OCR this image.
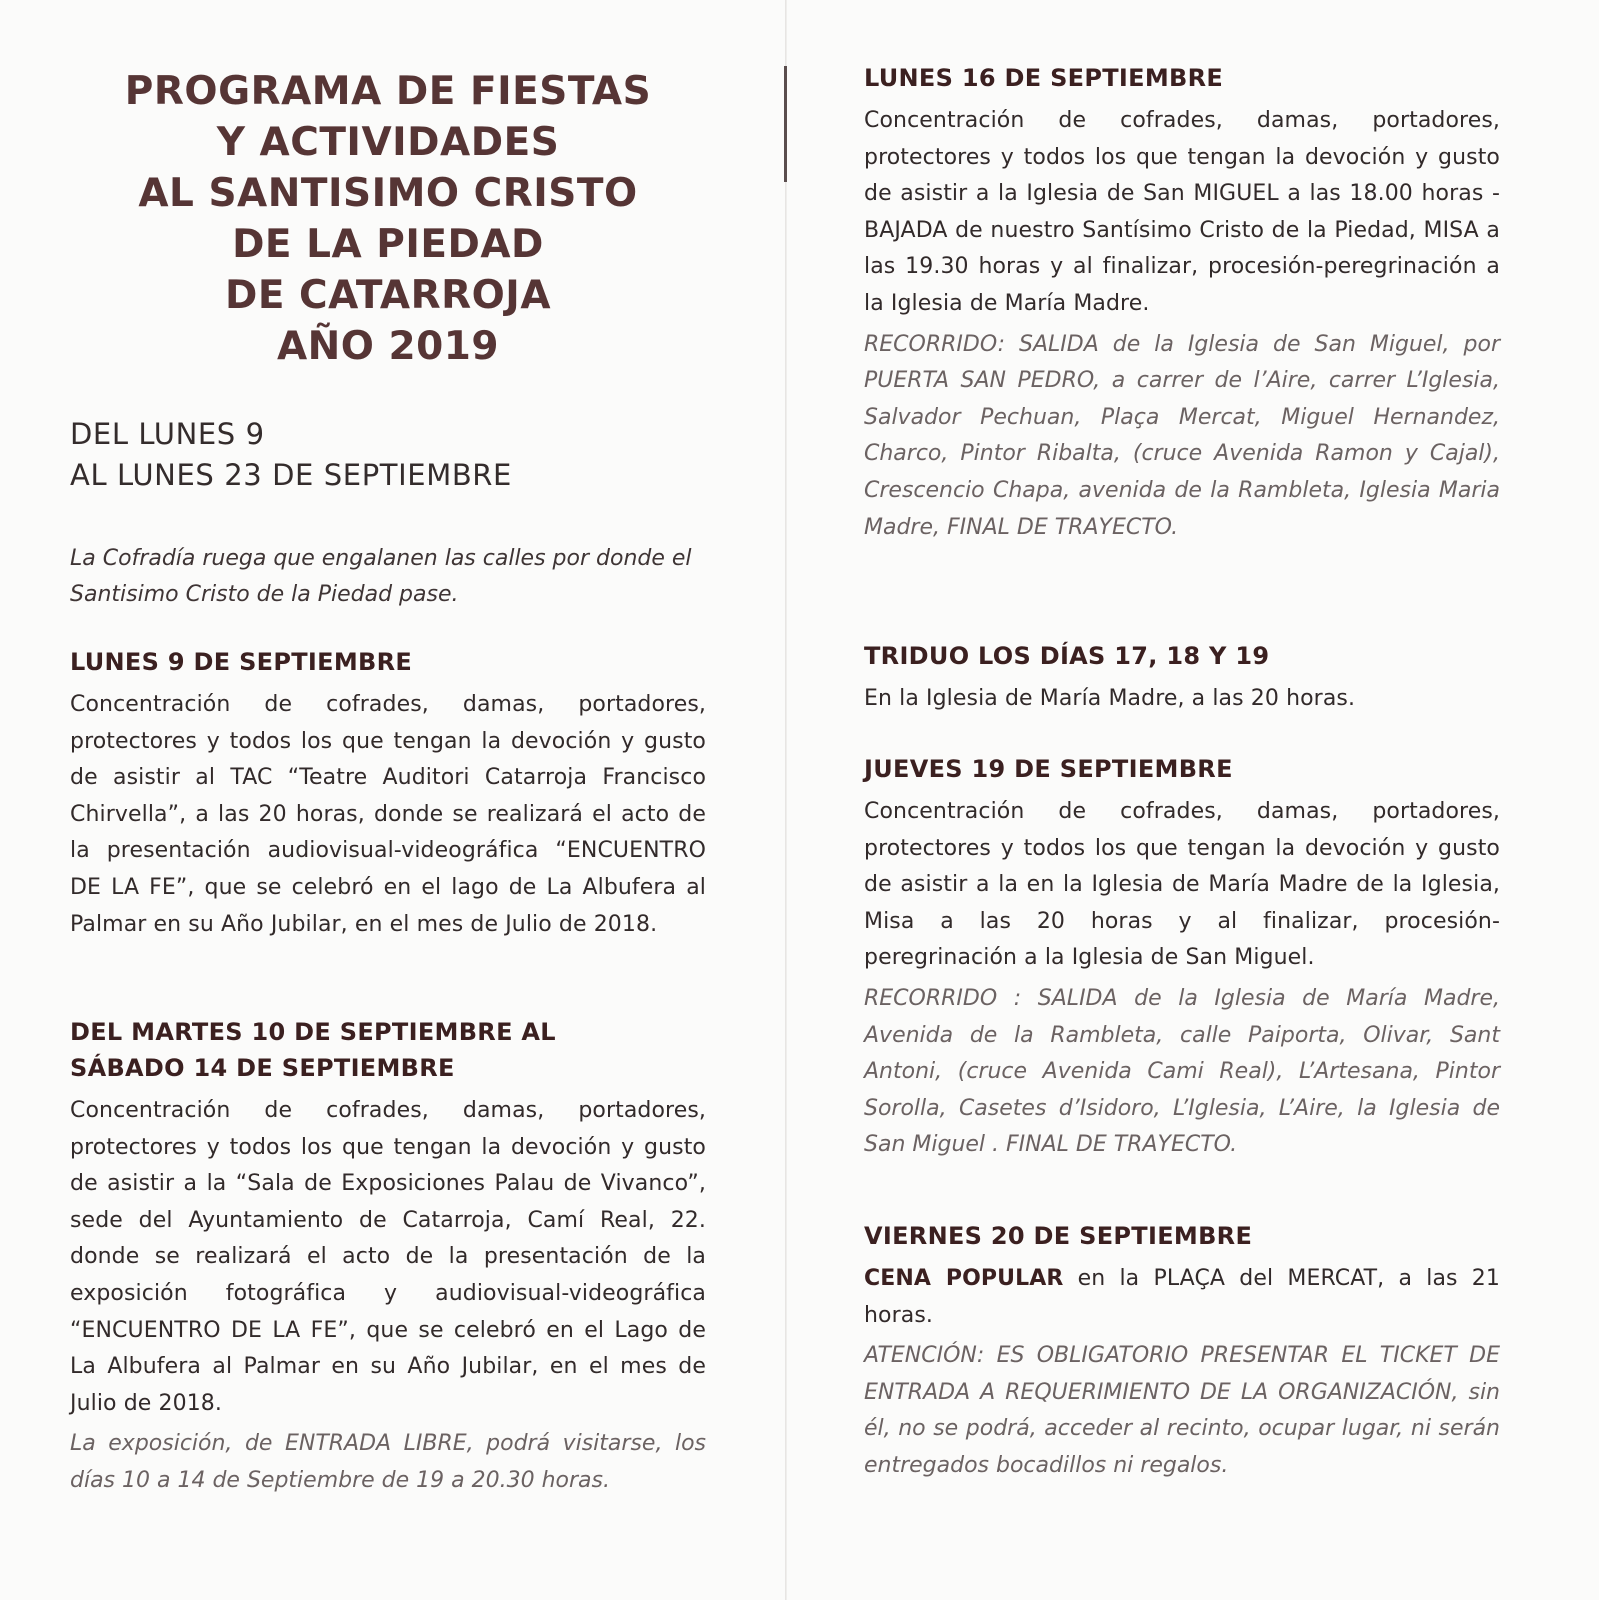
PROGRAMA DE FIESTAS
Y ACTIVIDADES
AL SANTISIMO CRISTO
DE LA PIEDAD
DE CATARROJA
AÑO 2019
DEL LUNES 9
AL LUNES 23 DE SEPTIEMBRE

La Cofradía ruega que engalanen las calles por donde el Santisimo Cristo de la Piedad pase.

LUNES 9 DE SEPTIEMBRE

Concentración de cofrades, damas, portadores, protectores y todos los que tengan la devoción y gusto de asistir al TAC “Teatre Auditori Catarroja Francisco Chirvella”, a las 20 horas, donde se realizará el acto de la presentación audiovisual-videográfica “ENCUENTRO DE LA FE”, que se celebró en el lago de La Albufera al Palmar en su Año Jubilar, en el mes de Julio de 2018.

DEL MARTES 10 DE SEPTIEMBRE AL
SÁBADO 14 DE SEPTIEMBRE

Concentración de cofrades, damas, portadores, protectores y todos los que tengan la devoción y gusto de asistir a la “Sala de Exposiciones Palau de Vivanco”, sede del Ayuntamiento de Catarroja, Camí Real, 22. donde se realizará el acto de la presentación de la exposición fotográfica y audiovisual-videográfica “ENCUENTRO DE LA FE”, que se celebró en el Lago de La Albufera al Palmar en su Año Jubilar, en el mes de Julio de 2018.

La exposición, de ENTRADA LIBRE, podrá visitarse, los días 10 a 14 de Septiembre de 19 a 20.30 horas.

LUNES 16 DE SEPTIEMBRE

Concentración de cofrades, damas, portadores, protectores y todos los que tengan la devoción y gusto de asistir a la Iglesia de San MIGUEL a las 18.00 horas - BAJADA de nuestro Santísimo Cristo de la Piedad, MISA a las 19.30 horas y al finalizar, procesión-peregrinación a la Iglesia de María Madre.

RECORRIDO: SALIDA de la Iglesia de San Miguel, por PUERTA SAN PEDRO, a carrer de l’Aire, carrer L’Iglesia, Salvador Pechuan, Plaça Mercat, Miguel Hernandez, Charco, Pintor Ribalta, (cruce Avenida Ramon y Cajal), Crescencio Chapa, avenida de la Rambleta, Iglesia Maria Madre, FINAL DE TRAYECTO.

TRIDUO LOS DÍAS 17, 18 Y 19

En la Iglesia de María Madre, a las 20 horas.

JUEVES 19 DE SEPTIEMBRE

Concentración de cofrades, damas, portadores, protectores y todos los que tengan la devoción y gusto de asistir a la en la Iglesia de María Madre de la Iglesia, Misa a las 20 horas y al finalizar, procesión-peregrinación a la Iglesia de San Miguel.

RECORRIDO : SALIDA de la Iglesia de María Madre, Avenida de la Rambleta, calle Paiporta, Olivar, Sant Antoni, (cruce Avenida Cami Real), L’Artesana, Pintor Sorolla, Casetes d’Isidoro, L’Iglesia, L’Aire, la Iglesia de San Miguel . FINAL DE TRAYECTO.

VIERNES 20 DE SEPTIEMBRE

CENA POPULAR en la PLAÇA del MERCAT, a las 21 horas.

ATENCIÓN: ES OBLIGATORIO PRESENTAR EL TICKET DE ENTRADA A REQUERIMIENTO DE LA ORGANIZACIÓN, sin él, no se podrá, acceder al recinto, ocupar lugar, ni serán entregados bocadillos ni regalos.
